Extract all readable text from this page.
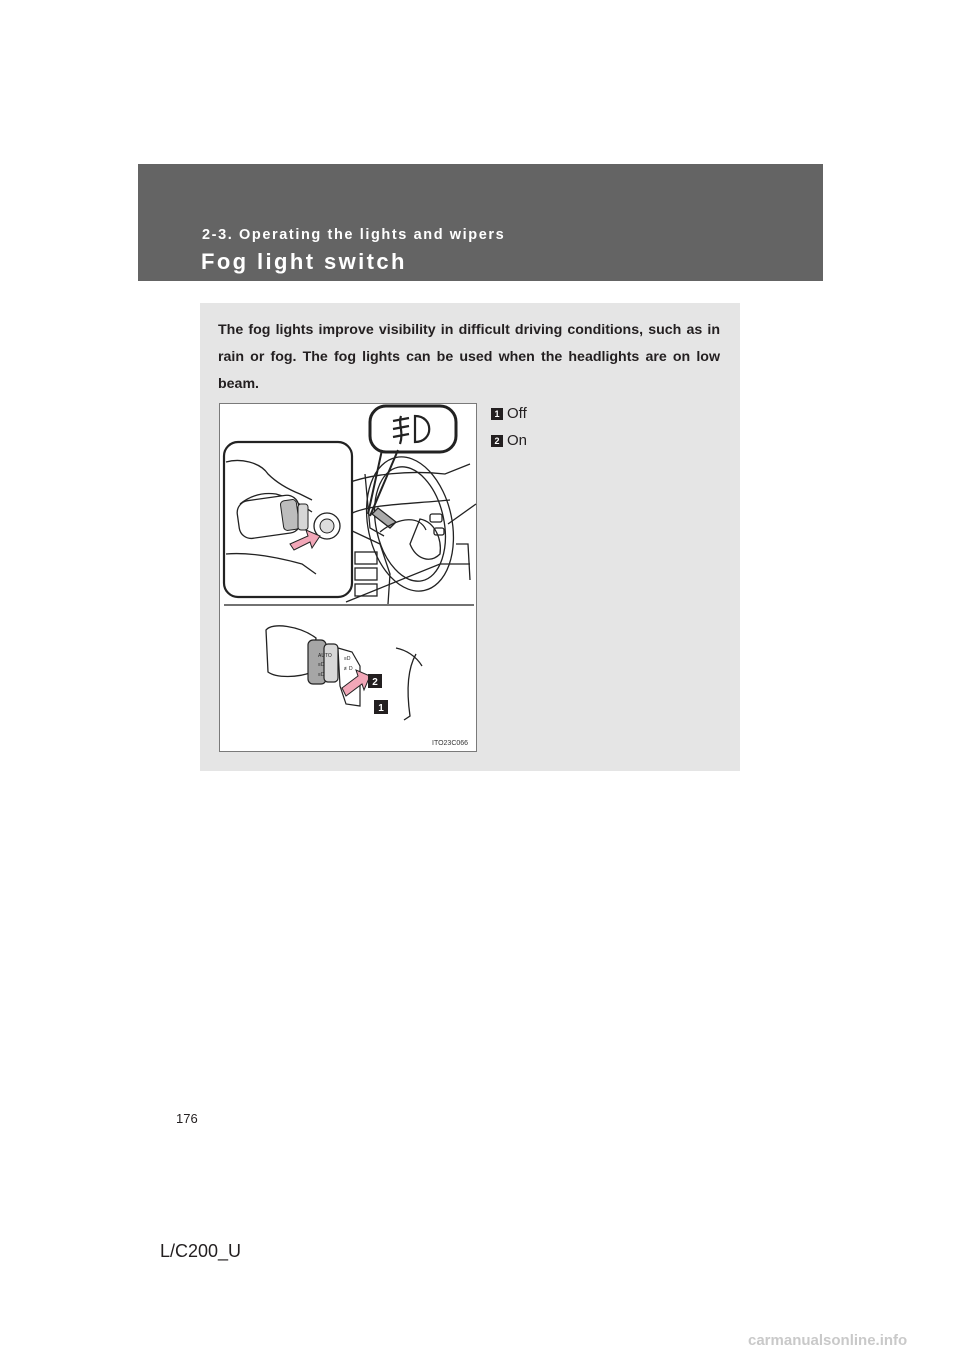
2-3. Operating the lights and wipers
Fog light switch

The fog lights improve visibility in difficult driving conditions, such as in rain or fog. The fog lights can be used when the headlights are on low beam.

AUTO
≡D
≡D
≡D
≢D
2
1
ITO23C066
1 Off
2 On
176
L/C200_U
carmanualsonline.info
